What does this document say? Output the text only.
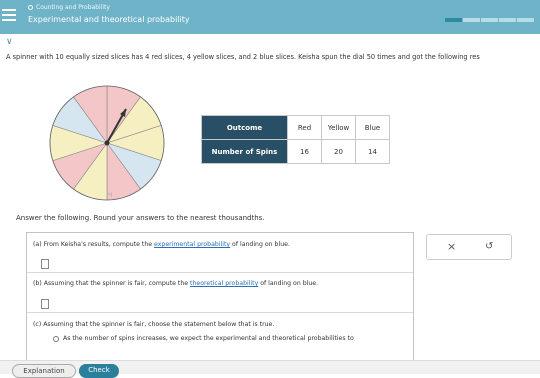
Counting and Probability
Experimental and theoretical probability
∨
A spinner with 10 equally sized slices has 4 red slices, 4 yellow slices, and 2 blue slices. Keisha spun the dial 50 times and got the following res
Ч
Outcome	Red	Yellow	Blue
Number of Spins	16	20	14
Answer the following. Round your answers to the nearest thousandths.
(a) From Keisha's results, compute the experimental probability of landing on blue.
(b) Assuming that the spinner is fair, compute the theoretical probability of landing on blue.
(c) Assuming that the spinner is fair, choose the statement below that is true.
As the number of spins increases, we expect the experimental and theoretical probabilities to
×	↺
Explanation	Check
